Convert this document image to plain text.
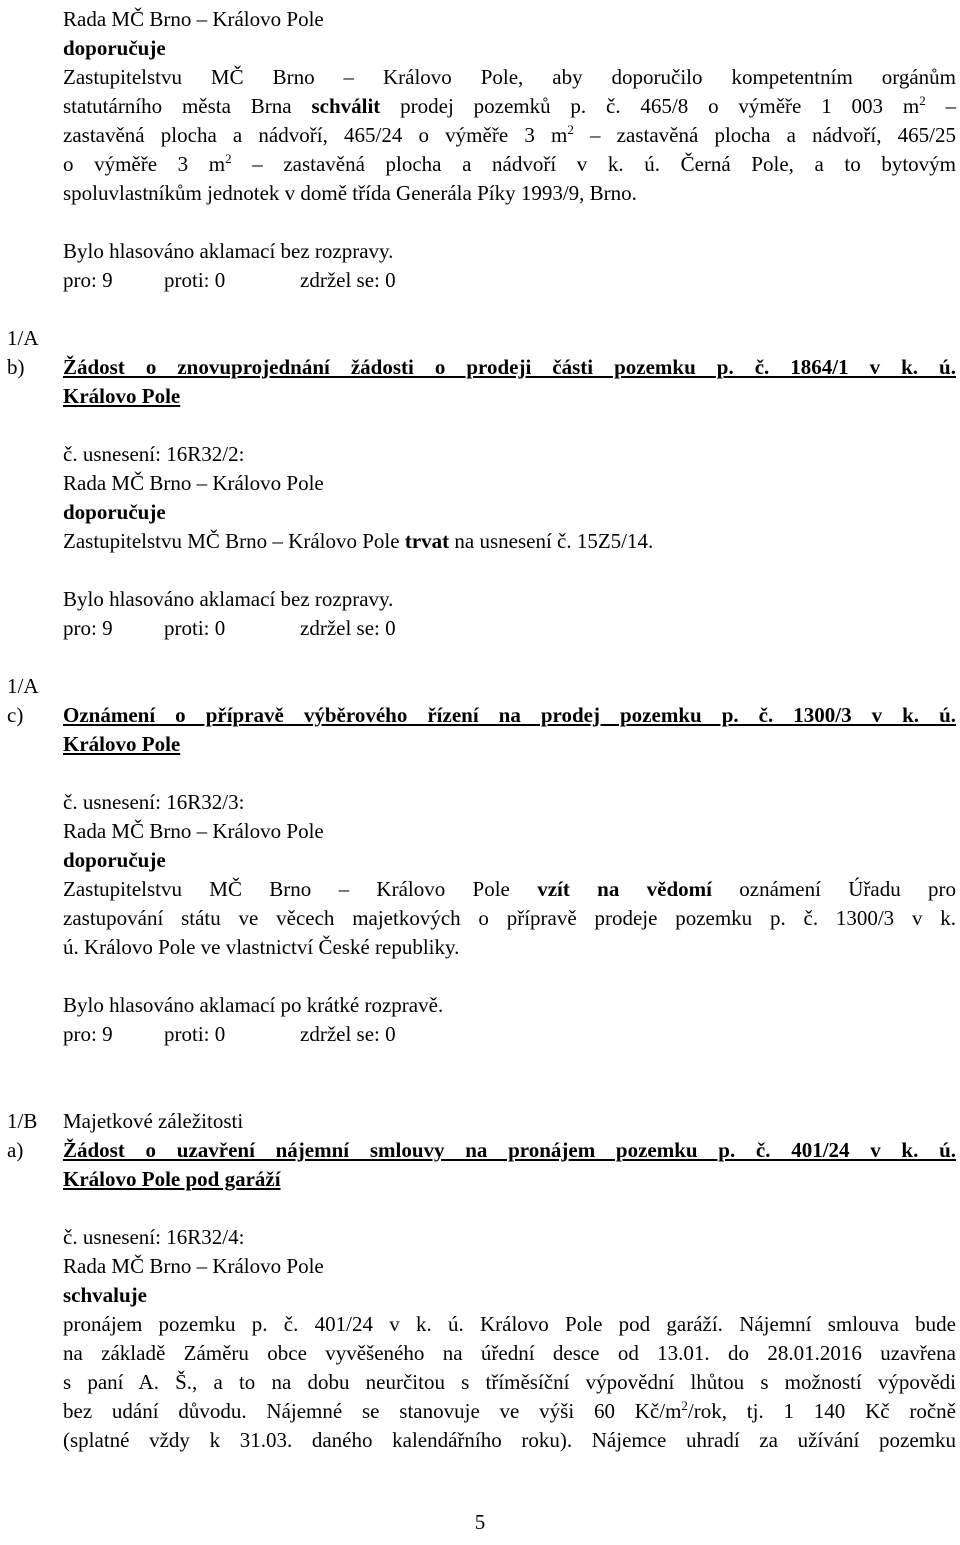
Rada MČ Brno – Královo Pole
doporučuje
Zastupitelstvu MČ Brno – Královo Pole, aby doporučilo kompetentním orgánům
statutárního města Brna schválit prodej pozemků p. č. 465/8 o výměře 1 003 $m^2$ –
zastavěná plocha a nádvoří, 465/24 o výměře 3 $m^2$ – zastavěná plocha a nádvoří, 465/25
o výměře 3 $m^2$ – zastavěná plocha a nádvoří v k. ú. Černá Pole, a to bytovým
spoluvlastníkům jednotek v domě třída Generála Píky 1993/9, Brno.
Bylo hlasováno aklamací bez rozpravy.
pro: 9 proti: 0	zdržel se: 0
1/A
b) Žádost o znovuprojednání žádosti o prodeji části pozemku p. č. 1864/1 v k. ú.
Královo Pole
č. usnesení: 16R32/2:
Rada MČ Brno – Královo Pole
doporučuje
Zastupitelstvu MČ Brno – Královo Pole trvat na usnesení č. 15Z5/14.
Bylo hlasováno aklamací bez rozpravy.
pro: 9 proti: 0	zdržel se: 0
1/A
c) Oznámení o přípravě výběrového řízení na prodej pozemku p. č. 1300/3 v k. ú.
Královo Pole
č. usnesení: 16R32/3:
Rada MČ Brno – Královo Pole
doporučuje
Zastupitelstvu MČ Brno – Královo Pole vzít na vědomí oznámení Úřadu pro
zastupování státu ve věcech majetkových o přípravě prodeje pozemku p. č. 1300/3 v k.
ú. Královo Pole ve vlastnictví České republiky.
Bylo hlasováno aklamací po krátké rozpravě.
pro: 9 proti: 0	zdržel se: 0
1/B Majetkové záležitosti
a) Žádost o uzavření nájemní smlouvy na pronájem pozemku p. č. 401/24 v k. ú.
Královo Pole pod garáží
č. usnesení: 16R32/4:
Rada MČ Brno – Královo Pole
schvaluje
pronájem pozemku p. č. 401/24 v k. ú. Královo Pole pod garáží. Nájemní smlouva bude
na základě Záměru obce vyvěšeného na úřední desce od 13.01. do 28.01.2016 uzavřena
s paní A. Š., a to na dobu neurčitou s tříměsíční výpovědní lhůtou s možností výpovědi
bez udání důvodu. Nájemné se stanovuje ve výši 60 $Kč/m^2$/rok, tj. 1 140 Kč ročně
(splatné vždy k 31.03. daného kalendářního roku). Nájemce uhradí za užívání pozemku
5
